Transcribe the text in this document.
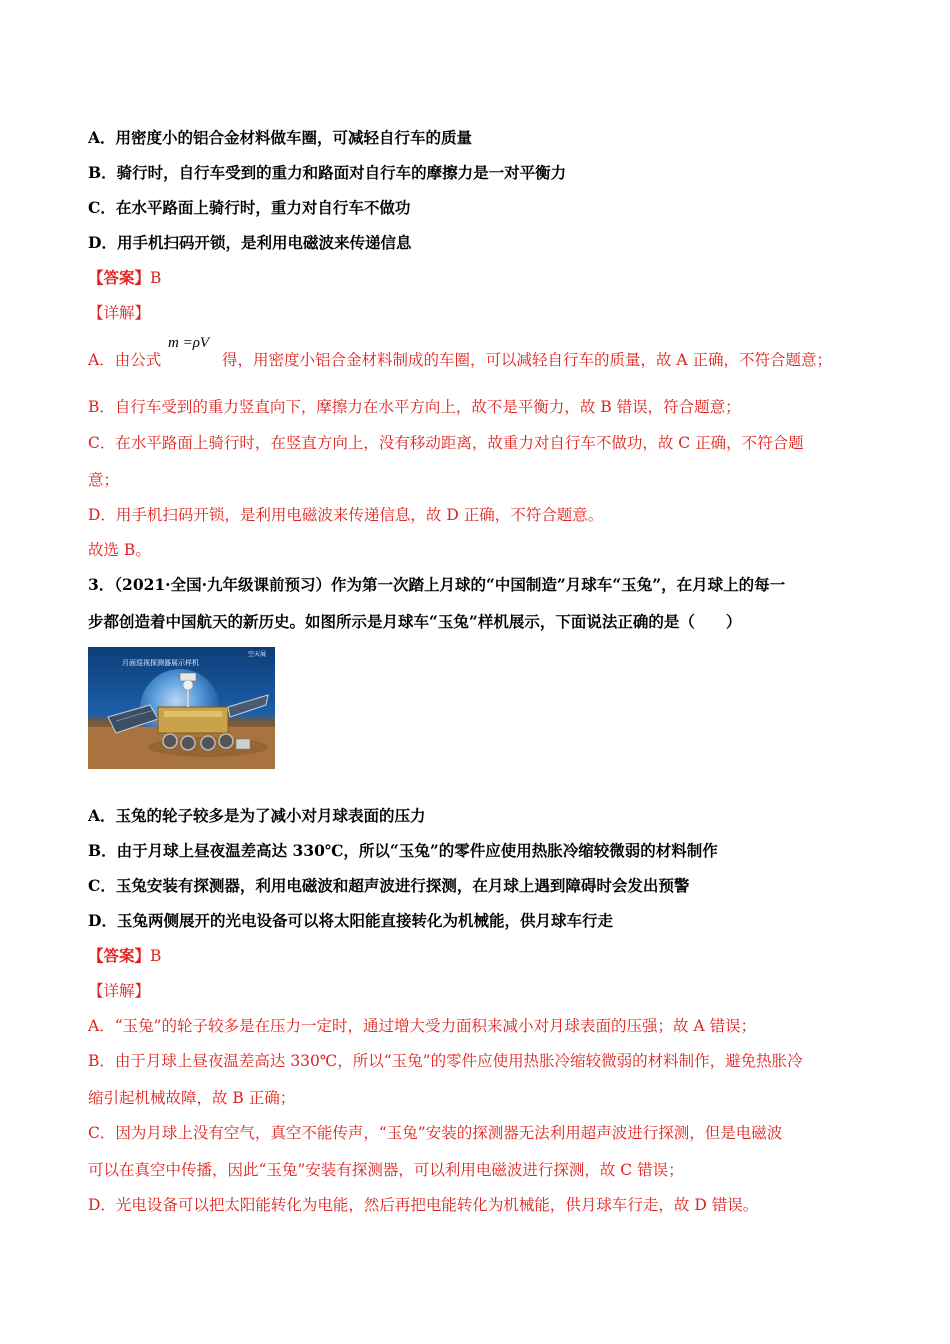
A．用密度小的铝合金材料做车圈，可减轻自行车的质量
B．骑行时，自行车受到的重力和路面对自行车的摩擦力是一对平衡力
C．在水平路面上骑行时，重力对自行车不做功
D．用手机扫码开锁，是利用电磁波来传递信息
【答案】B
【详解】
m =ρV
A．由公式	得，用密度小铝合金材料制成的车圈，可以减轻自行车的质量，故 A 正确，不符合题意；
B．自行车受到的重力竖直向下，摩擦力在水平方向上，故不是平衡力，故 B 错误，符合题意；
C．在水平路面上骑行时，在竖直方向上，没有移动距离，故重力对自行车不做功，故 C 正确，不符合题
意；
D．用手机扫码开锁，是利用电磁波来传递信息，故 D 正确，不符合题意。
故选 B。
3．（2021·全国·九年级课前预习）作为第一次踏上月球的“中国制造”月球车“玉兔”，在月球上的每一
步都创造着中国航天的新历史。如图所示是月球车“玉兔”样机展示，下面说法正确的是（　　）
月面巡视探测器展示样机
空天展
A．玉兔的轮子较多是为了减小对月球表面的压力
B．由于月球上昼夜温差高达 330℃，所以“玉兔”的零件应使用热胀冷缩较微弱的材料制作
C．玉兔安装有探测器，利用电磁波和超声波进行探测，在月球上遇到障碍时会发出预警
D．玉兔两侧展开的光电设备可以将太阳能直接转化为机械能，供月球车行走
【答案】B
【详解】
A．“玉兔”的轮子较多是在压力一定时，通过增大受力面积来减小对月球表面的压强；故 A 错误；
B．由于月球上昼夜温差高达 330℃，所以“玉兔”的零件应使用热胀冷缩较微弱的材料制作，避免热胀冷
缩引起机械故障，故 B 正确；
C．因为月球上没有空气，真空不能传声，“玉兔”安装的探测器无法利用超声波进行探测，但是电磁波
可以在真空中传播，因此“玉兔”安装有探测器，可以利用电磁波进行探测，故 C 错误；
D．光电设备可以把太阳能转化为电能，然后再把电能转化为机械能，供月球车行走，故 D 错误。
